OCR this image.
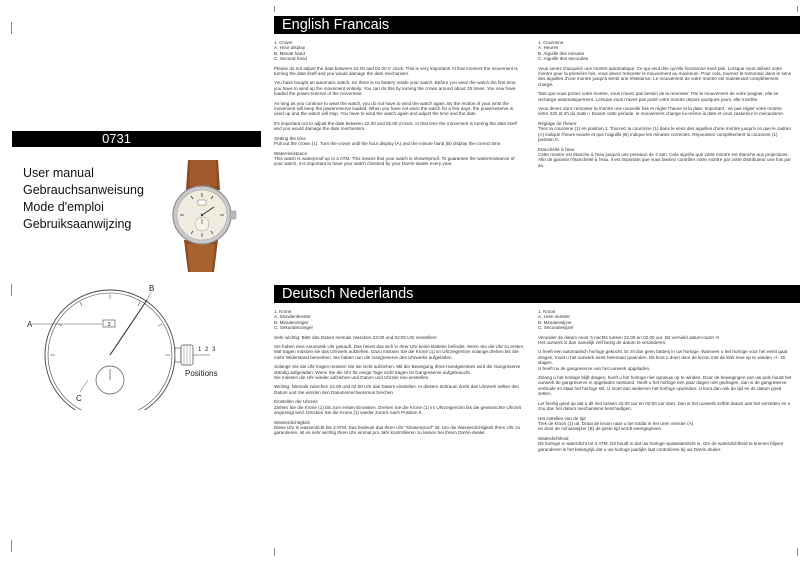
0731
User manual
Gebrauchsanweisung
Mode d'emploi
Gebruiksaanwijzing
3
A
B
C
1 2 3
Positions
English Francais

1. Crown
A. Hour display
B. Minute hand
C. Second hand

Please do not adjust the date between 22.00 and 02.00 o' clock. This is very important! At that moment the movement is turning the date itself and you would damage the date mechanism.

You have bought an automatic watch. So there is no battery inside your watch. Before you wear the watch the first time, you have to wind up the movement entirely. You can do this by turning the crown around about 15 times. You now have loaded the power-reserve of the movement.

As long as you continue to wear the watch, you do not have to wind the watch again. By the motion of your wrist the movement will keep the powerreserve loaded. When you have not worn the watch for a few days, the powerreserve is used up and the watch will stop. You have to wind the watch again and adjust the time and the date.

It's important not to adjust the date between 22.00 and 02.00 o'clock. In that time the movement is turning the date itself and you would damage the date mechanism.

Setting the time
Pull out the crown (1). Turn the crown until the hour display (A) and the minute hand (B) display the correct time.

Waterresistance
This watch is waterproof up to 3 ATM. This means that your watch is showerproof. To guarantee the waterresistance of your watch, it is important to have your watch checked by your DaVin-dealer every year.

1. Couronne
A. Heures
B. Aiguille des minutes
C. Aiguille des secondes

Vous venez d'acquérir une montre automatique. Ce qui veut dire qu'elle fonctionne sans pile. Lorsque vous utilisez votre montre pour la première fois, vous devez remonter le mouvement au maximum. Pour cela, tournez le remontoir dans le sens des aiguilles d'une montre jusqu'à sentir une résistance. Le mouvement de votre montre est maintenant complètement chargé.

Tant que vous portez votre montre, vous n'avez pas besoin de la remonter. Par le mouvement de votre poignet, elle se recharge automatiquement. Lorsque vous n'avez pas porté votre montre depuis quelques jours, elle s'arrête.

Vous devez donc remonter la montre une nouvelle fois et régler l'heure et la date. Important : ne pas régler votre montre entre 22h et 2h du matin ! Durant cette période, le mouvement change lui-même la date et vous casseriez le mécanisme.

Réglage de l'heure
Tirez la couronne (1) en position 1. Tournez la couronne (1) dans le sens des aiguilles d'une montre jusqu'à ce que le cadran (A) indique l'heure exacte et que l'aiguille (B) indique les minutes correctes. Repoussez complètement la couronne (1) position 0.

Etanchéité à l'eau
Cette montre est étanche à l'eau jusqu'à une pression de 3 atm. Cela signifie que votre montre est étanche aux projections. Afin de garantir l'étanchéité à l'eau, il est important que vous fassiez contrôler votre montre par votre distributeur une fois par an.

Deutsch Nederlands

1. Krone
A. Stundenfenster
B. Minutenzeiger
C. Sekundenzeiger

Sehr wichtig: Bitte das Datum niemals zwischen 22:00 und 02:00 Uhr einstellen!

Sie haben eine Automatik Uhr gekauft. Das heisst das sich in Ihrer Uhr keine Batterie befindet. Wenn Sie die Uhr zu ersten Mal tragen müssen sie das Uhrwerk aufziehen. Dazu müssen Sie die Krone (1) im Uhrzeigersinn solange drehen bis Sie mehr Widerstand bemerken. Sie haben nun die Gangreserve des Uhrwerks aufgeladen.

Solange Sie die Uhr tragen müssen Sie sie nicht aufziehen. Mit der Bewegung Ihres Handgelenkes wird die Gangreserve ständig aufgeladen. Wenn Sie die Uhr für einige Tage nicht tragen ist Gangreserve aufgebraucht.
Sie müssen die Uhr wieder aufziehen und Datum und Uhrzeit neu einstellen.

Wichtig: Niemals zwischen 22.00 und 02.00 Uhr das Datum einstellen. In diesem Zeitraum dreht das Uhrwerk selber den Datum und Sie würden den Datumsmechanismus brechen.

Einstellen der Uhrzeit
Ziehen Sie die Krone (1) bis zum ersten Einrasten. Drehen Sie die Krone (1) im Uhrzeigersinn bis die gewünschte Uhrzeit angezeigt wird. Drücken Sie die Krone (1) wieder zurück nach Position 0.

Wasserdichtigkeit
Diese Uhr is wasserdicht bis 3 ATM. Das bedeuet das Ihren Uhr "showerproof" ist. Um die Wasserdichtigkeit Ihren Uhr zu garantieren, ist es sehr wichtig Ihren Uhr einmal pro Jahr kontrollieren zu lassen bei Ihrem DaVin-dealer.

1. Kroon
A. Uren venster
B. Minutenwijzer
C. Secondewijzer

Verander de datum nooit 's-nachts tussen 22.00 en 02.00 uur. Dit vernield datum-rader !!!
Het uurwerk is dan namelijk zelf bezig de datum te veranderen.

U heeft een automatisch horloge gekocht. Er zit dus geen batterij in uw horloge. Wanneer u het horloge voor het eerst gaat dragen, moet u het uurwerk eerst helemaal opwinden. Dit kunt u doen door de kroon met de klok mee op te winden +/- 15 slagen.
U heeft nu de gangreserve van het uurwerk opgeladen.

Zolang u het horloge blijft dragen, hoeft u het horloge niet opnieuw op te winden. Door de bewegingen van uw pols houdt het uurwerk de gangreserve in opgeladen toestand. Heeft u het horloge een paar dagen niet gedragen, dan is de gangreserve verbruikt en staat het horloge stil. U moet dan wederom het horloge opwinden. U kunt dan ook de tijd en de datum goed zetten.

Let hierbij goed op dat u dit niet tussen 22:00 uur en 02:00 uur doet. Dan is het uurwerk zelfde datum aan het verzetten en u zou dan het datum mechanisme beschadigen.

Het instellen van de tijd
Trek de kroon (1) uit. Draai de kroon naar u toe totdat in het uren venster (A)
en door de minutewijzer (B) de juiste tijd wordt weergegeven.

Waterdichtheid
Dit horloge is waterdicht tot 3 ATM. Dit houdt in dat uw horloge spatwaterdicht is. Om de waterdichtheid te kunnen blijven garanderen is het belangrijk dat u uw horloge jaarlijks laat controleren bij uw DaVin dealer.
